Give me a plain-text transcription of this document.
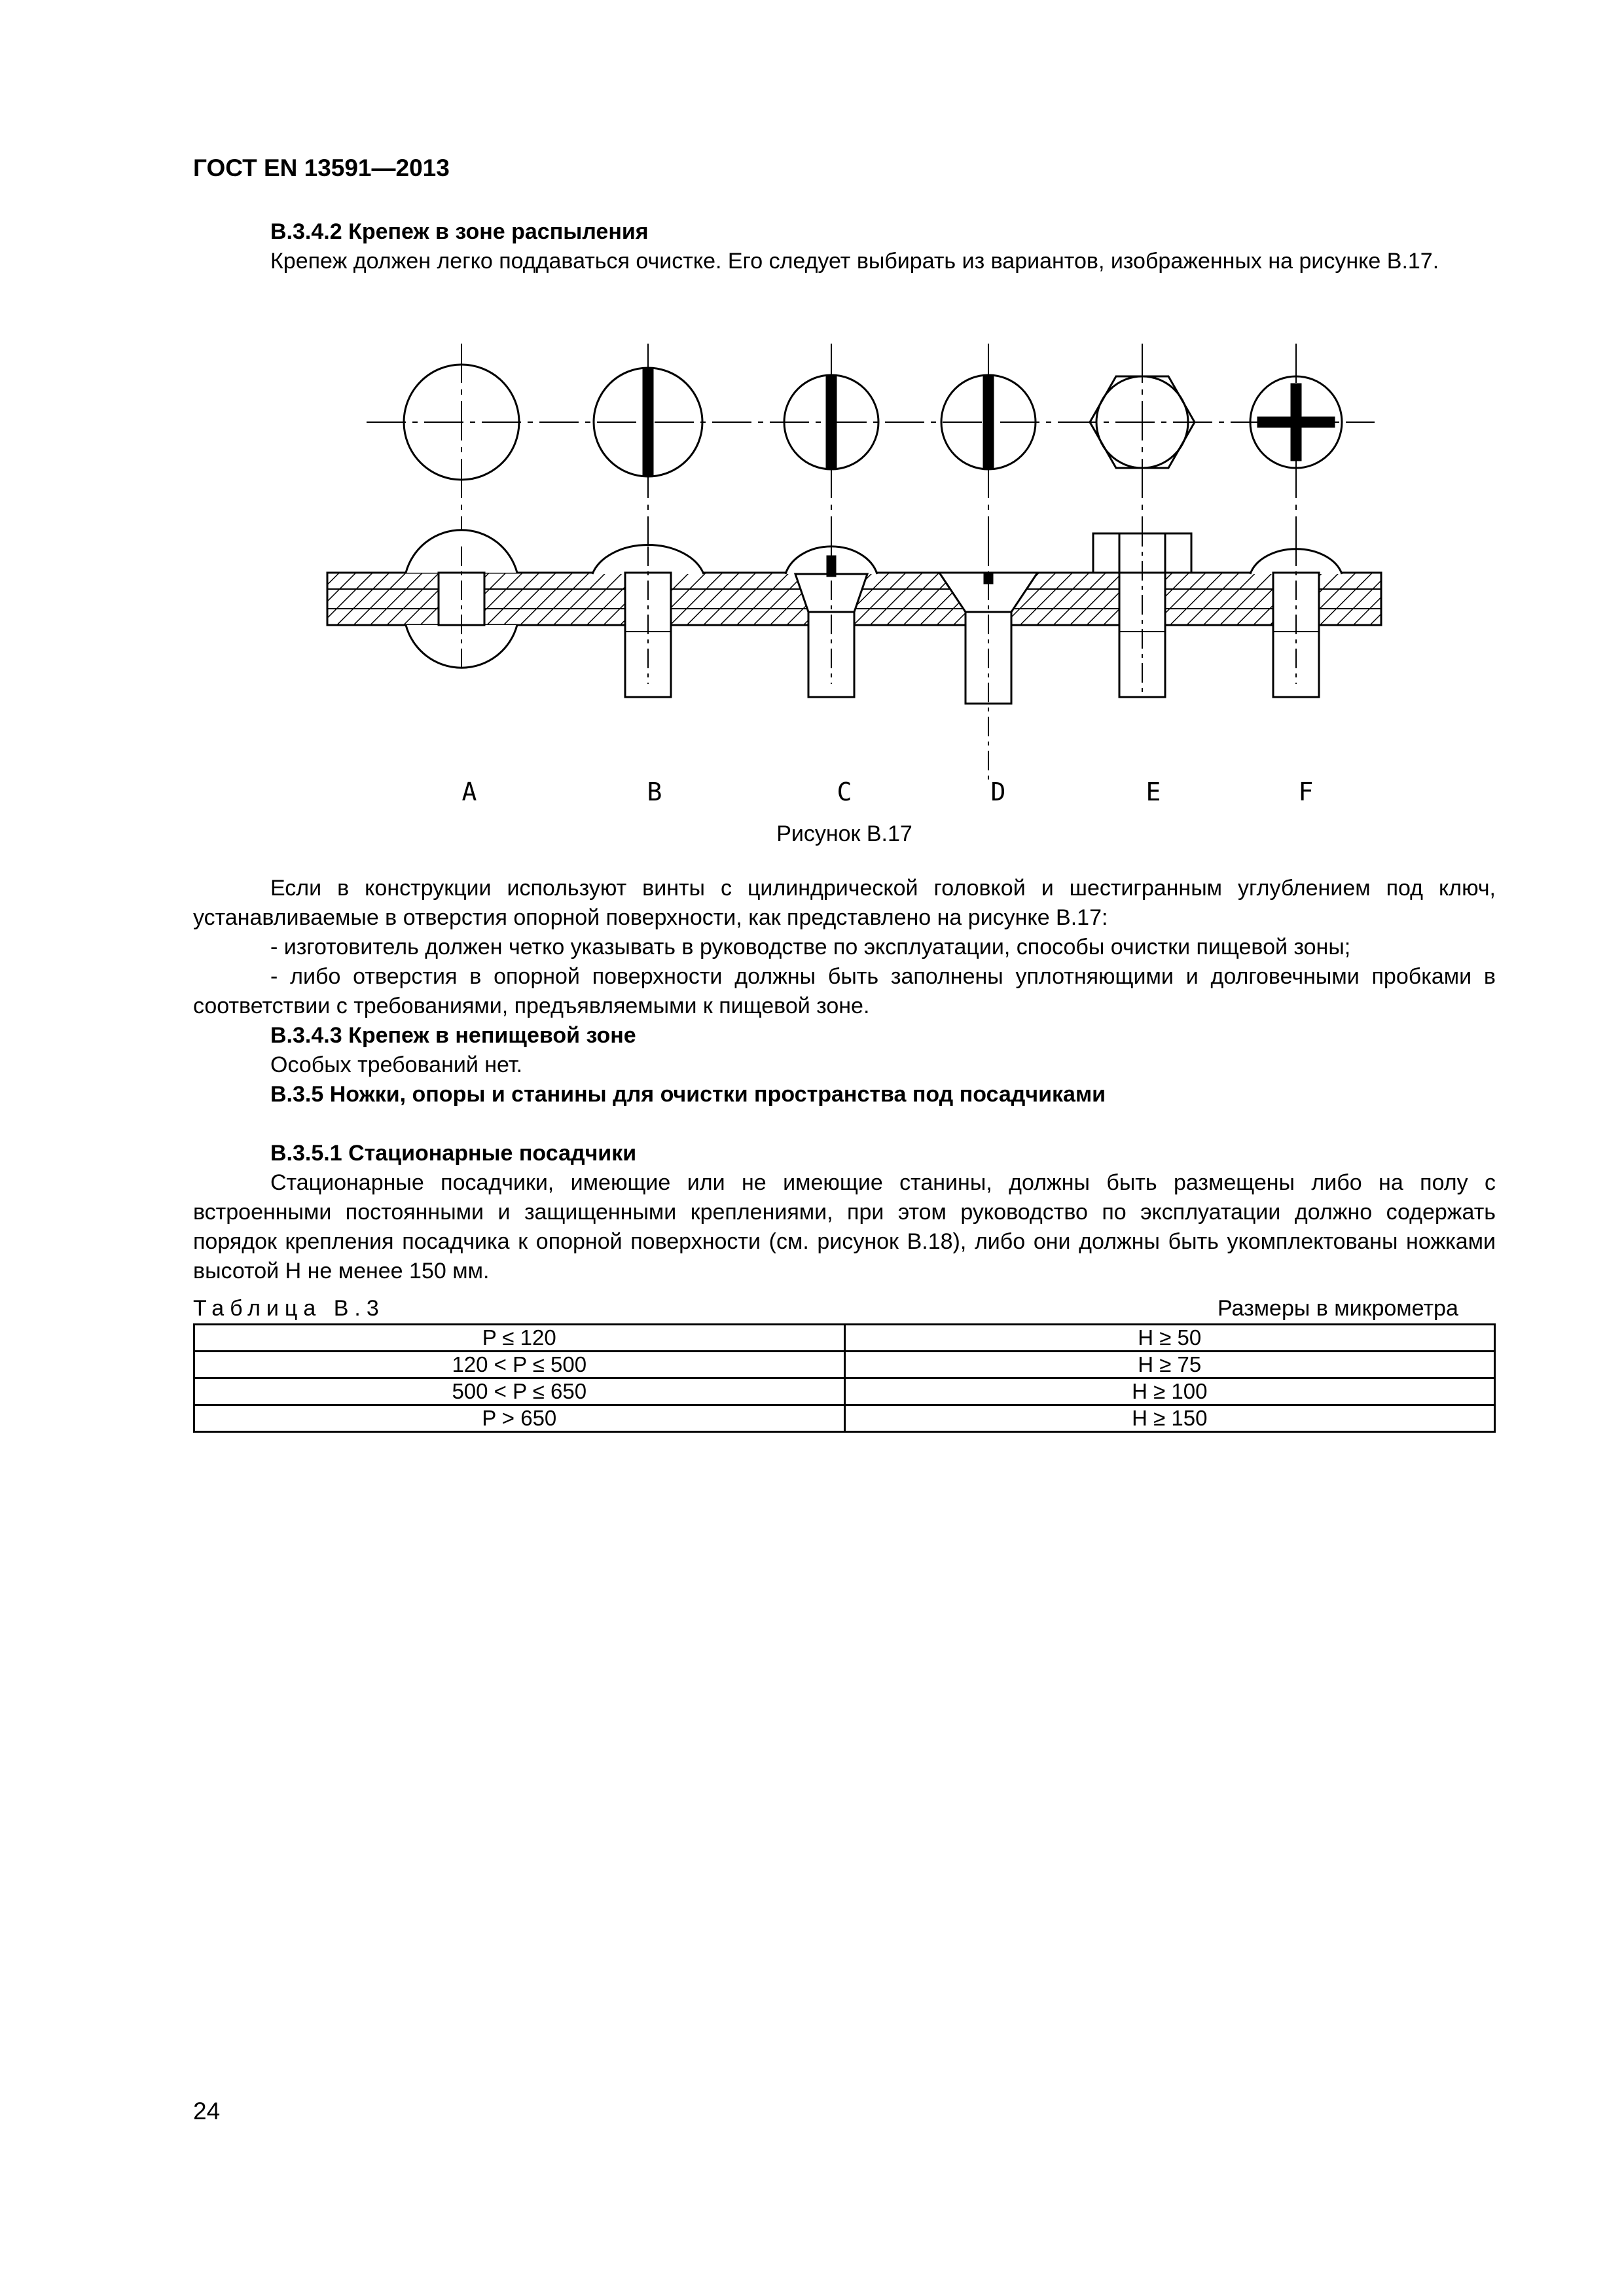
ГОСТ EN 13591—2013

В.3.4.2 Крепеж в зоне распыления

Крепеж должен легко поддаваться очистке. Его следует выбирать из вариантов, изображенных на рисунке В.17.

A	B	C	D	E	F
Рисунок В.17

Если в конструкции используют винты с цилиндрической головкой и шестигранным углублением под ключ, устанавливаемые в отверстия опорной поверхности, как представлено на рисунке В.17:

- изготовитель должен четко указывать в руководстве по эксплуатации, способы очистки пищевой зоны;

- либо отверстия в опорной поверхности должны быть заполнены уплотняющими и долговечными пробками в соответствии с требованиями, предъявляемыми к пищевой зоне.

В.3.4.3 Крепеж в непищевой зоне

Особых требований нет.

В.3.5 Ножки, опоры и станины для очистки пространства под посадчиками

В.3.5.1 Стационарные посадчики

Стационарные посадчики, имеющие или не имеющие станины, должны быть размещены либо на полу с встроенными постоянными и защищенными креплениями, при этом руководство по эксплуатации должно содержать порядок крепления посадчика к опорной поверхности (см. рисунок В.18), либо они должны быть укомплектованы ножками высотой Н не менее 150 мм.

Таблица В.3	Размеры в микрометра
P ≤ 120	H ≥ 50
120 < P ≤ 500	H ≥ 75
500 < P ≤ 650	H ≥ 100
P > 650	H ≥ 150
24
